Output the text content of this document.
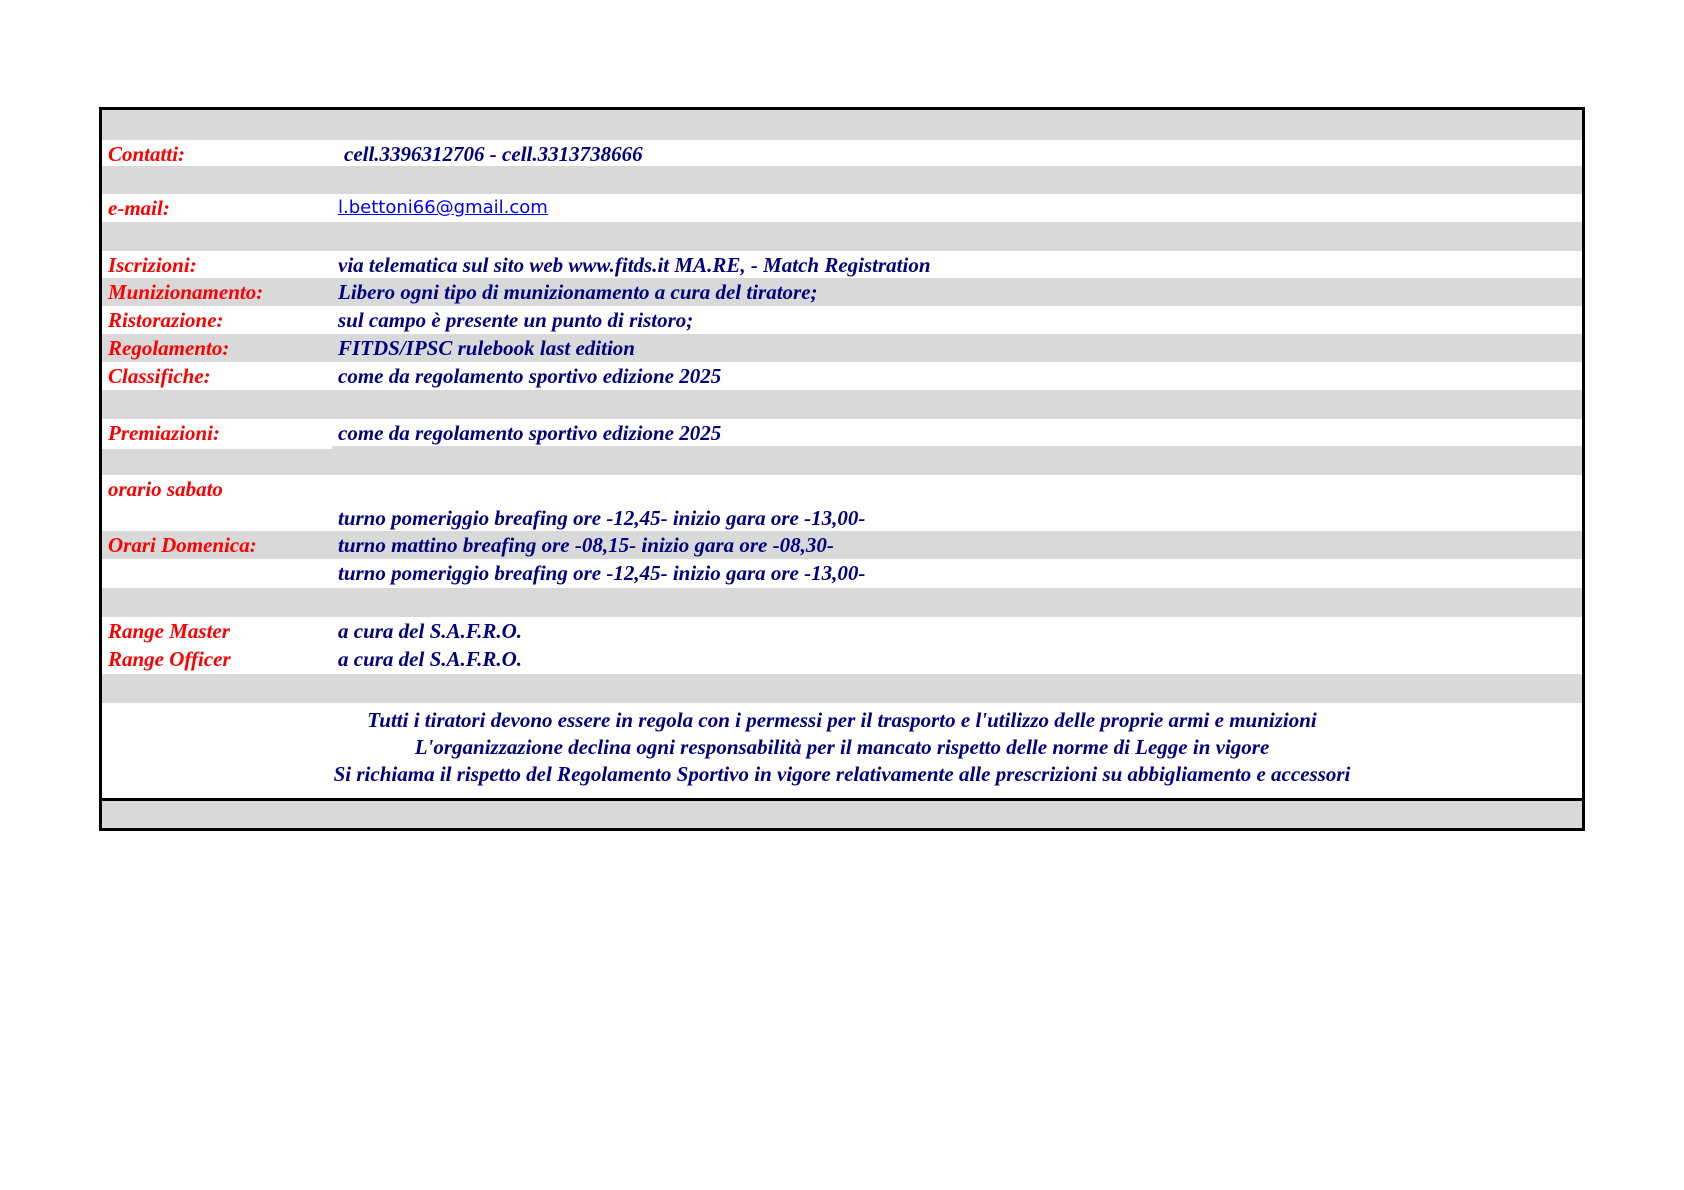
Contatti:	cell.3396312706 - cell.3313738666
e-mail:	l.bettoni66@gmail.com
Iscrizioni:	via telematica sul sito web www.fitds.it MA.RE, - Match Registration
Munizionamento:	Libero ogni tipo di munizionamento a cura del tiratore;
Ristorazione:	sul campo è presente un punto di ristoro;
Regolamento:	FITDS/IPSC rulebook last edition
Classifiche:	come da regolamento sportivo edizione 2025
Premiazioni:	come da regolamento sportivo edizione 2025
orario sabato
turno pomeriggio breafing ore -12,45- inizio gara ore -13,00-
Orari Domenica:	turno mattino breafing ore -08,15- inizio gara ore -08,30-
turno pomeriggio breafing ore -12,45- inizio gara ore -13,00-
Range Master	a cura del S.A.F.R.O.
Range Officer	a cura del S.A.F.R.O.
Tutti i tiratori devono essere in regola con i permessi per il trasporto e l'utilizzo delle proprie armi e munizioni
L'organizzazione declina ogni responsabilità per il mancato rispetto delle norme di Legge in vigore
Si richiama il rispetto del Regolamento Sportivo in vigore relativamente alle prescrizioni su abbigliamento e accessori
